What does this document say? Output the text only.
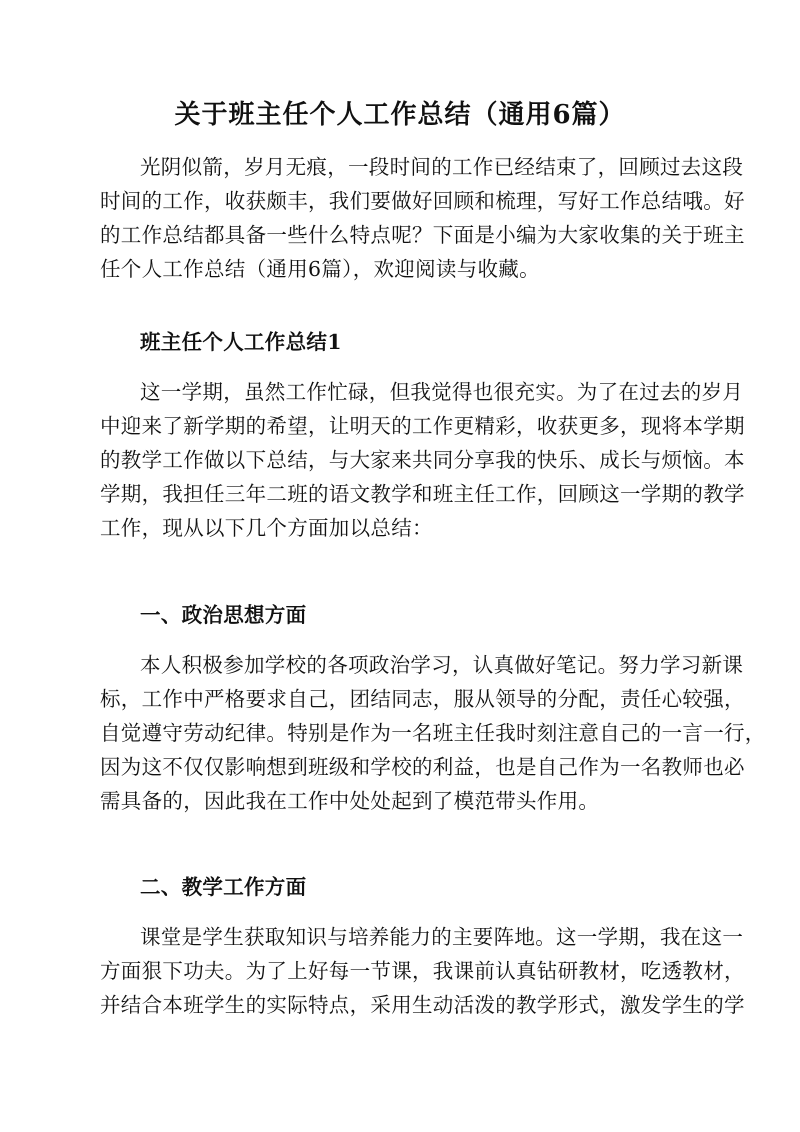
关于班主任个人工作总结（通用6篇）
光阴似箭，岁月无痕，一段时间的工作已经结束了，回顾过去这段
时间的工作，收获颇丰，我们要做好回顾和梳理，写好工作总结哦。好
的工作总结都具备一些什么特点呢？下面是小编为大家收集的关于班主
任个人工作总结（通用6篇），欢迎阅读与收藏。
班主任个人工作总结1
这一学期，虽然工作忙碌，但我觉得也很充实。为了在过去的岁月
中迎来了新学期的希望，让明天的工作更精彩，收获更多，现将本学期
的教学工作做以下总结，与大家来共同分享我的快乐、成长与烦恼。本
学期，我担任三年二班的语文教学和班主任工作，回顾这一学期的教学
工作，现从以下几个方面加以总结：
一、政治思想方面
本人积极参加学校的各项政治学习，认真做好笔记。努力学习新课
标，工作中严格要求自己，团结同志，服从领导的分配，责任心较强，
自觉遵守劳动纪律。特别是作为一名班主任我时刻注意自己的一言一行，
因为这不仅仅影响想到班级和学校的利益，也是自己作为一名教师也必
需具备的，因此我在工作中处处起到了模范带头作用。
二、教学工作方面
课堂是学生获取知识与培养能力的主要阵地。这一学期，我在这一
方面狠下功夫。为了上好每一节课，我课前认真钻研教材，吃透教材，
并结合本班学生的实际特点，采用生动活泼的教学形式，激发学生的学
